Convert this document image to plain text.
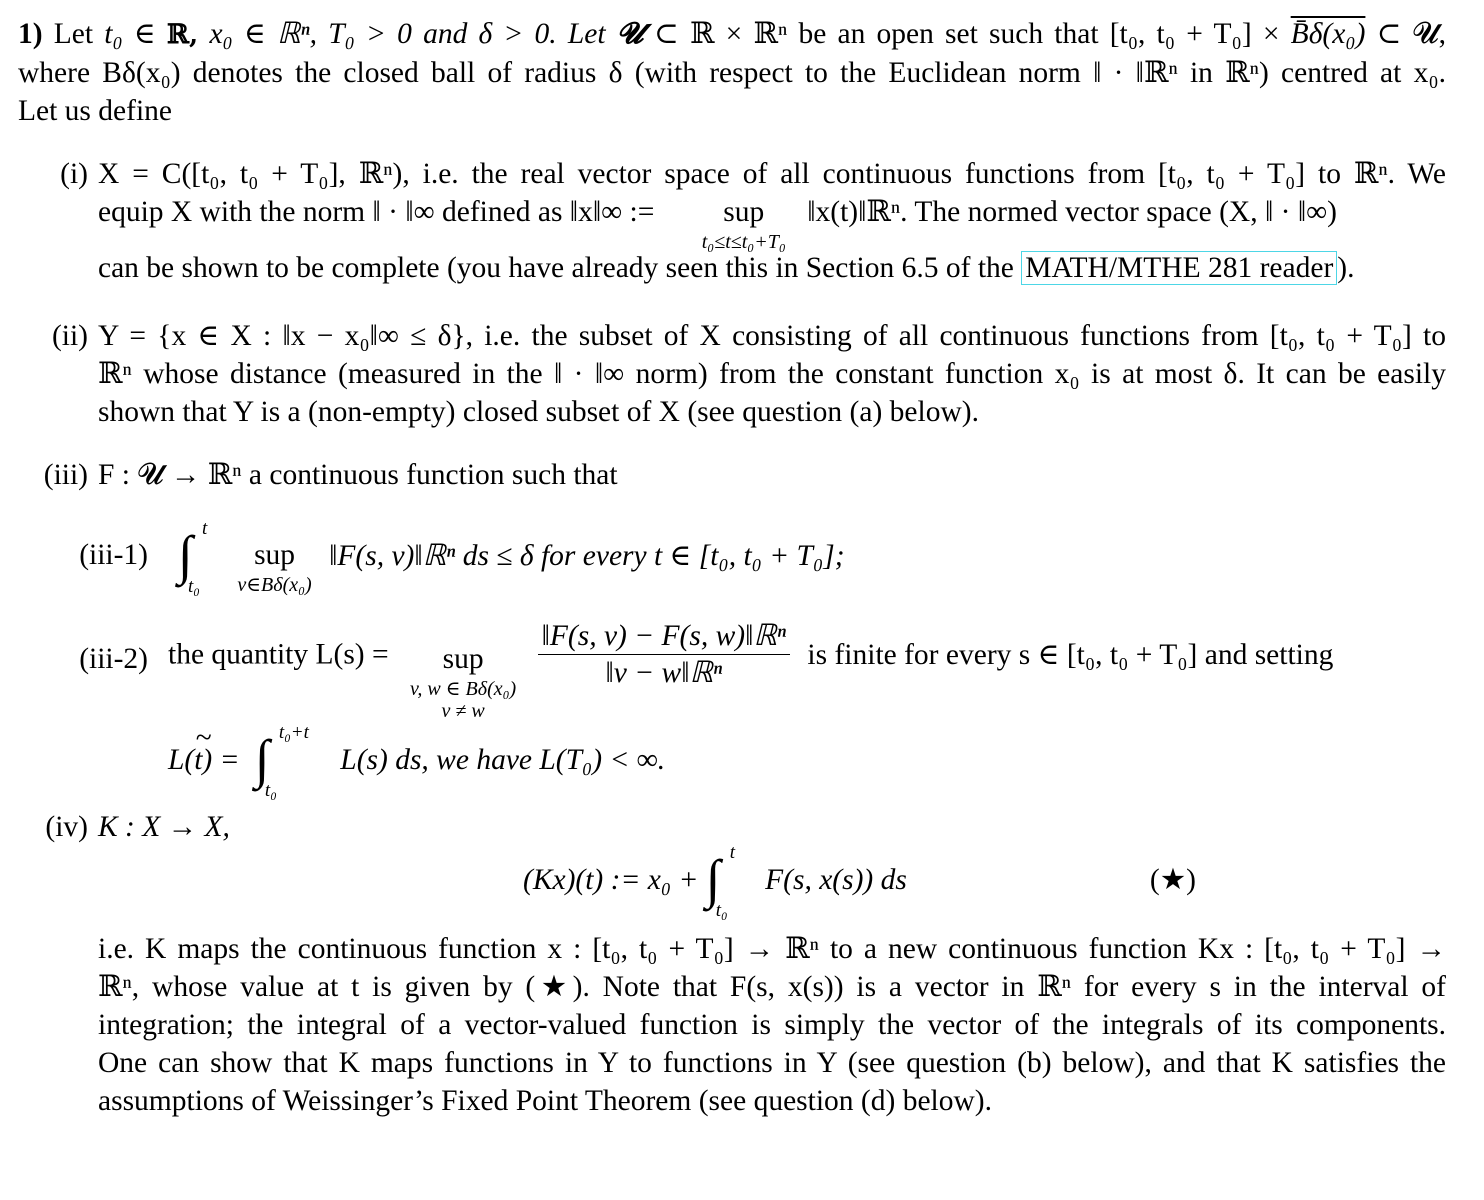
1) Let t₀ ∈ ℝ, x₀ ∈ ℝⁿ, T₀ > 0 and δ > 0. Let 𝓤 ⊂ ℝ × ℝⁿ be an open set such that [t₀, t₀ + T₀] × B̄δ(x₀) ⊂ 𝓤,
where Bδ(x₀) denotes the closed ball of radius δ (with respect to the Euclidean norm ‖ · ‖ℝⁿ in ℝⁿ) centred at x₀.
Let us define
(i) X = C([t₀, t₀ + T₀], ℝⁿ), i.e. the real vector space of all continuous functions from [t₀, t₀ + T₀] to ℝⁿ. We
equip X with the norm ‖ · ‖∞ defined as ‖x‖∞ := sup
t₀≤t≤t₀+T₀
‖x(t)‖ℝⁿ. The normed vector space (X, ‖ · ‖∞)
can be shown to be complete (you have already seen this in Section 6.5 of the MATH/MTHE 281 reader ).
(ii) Y = {x ∈ X : ‖x − x₀‖∞ ≤ δ}, i.e. the subset of X consisting of all continuous functions from [t₀, t₀ + T₀] to
ℝⁿ whose distance (measured in the ‖ · ‖∞ norm) from the constant function x₀ is at most δ. It can be easily
shown that Y is a (non-empty) closed subset of X (see question (a) below).
(iii) F : 𝓤 → ℝⁿ a continuous function such that
(iii-1) ∫ t
t₀
sup
v∈Bδ(x₀)
‖F(s, v)‖ℝⁿ ds ≤ δ for every t ∈ [t₀, t₀ + T₀];
(iii-2) the quantity L(s) = sup
v, w ∈ Bδ(x₀)
v ≠ w

$\frac{\text{‖F(s, v) − F(s, w)‖ℝⁿ}}{\text{‖v − w‖ℝⁿ}}$ is finite for every s ∈ [t₀, t₀ + T₀] and setting
~ L(t) = ∫ t₀+t
t₀
L(s) ds, we have L(T₀) < ∞.
(iv) K : X → X,
(Kx)(t) := x₀ + ∫ t
t₀
F(s, x(s)) ds	(★)
i.e. K maps the continuous function x : [t₀, t₀ + T₀] → ℝⁿ to a new continuous function Kx : [t₀, t₀ + T₀] →
ℝⁿ, whose value at t is given by (★). Note that F(s, x(s)) is a vector in ℝⁿ for every s in the interval of
integration; the integral of a vector-valued function is simply the vector of the integrals of its components.
One can show that K maps functions in Y to functions in Y (see question (b) below), and that K satisfies the
assumptions of Weissinger’s Fixed Point Theorem (see question (d) below).
